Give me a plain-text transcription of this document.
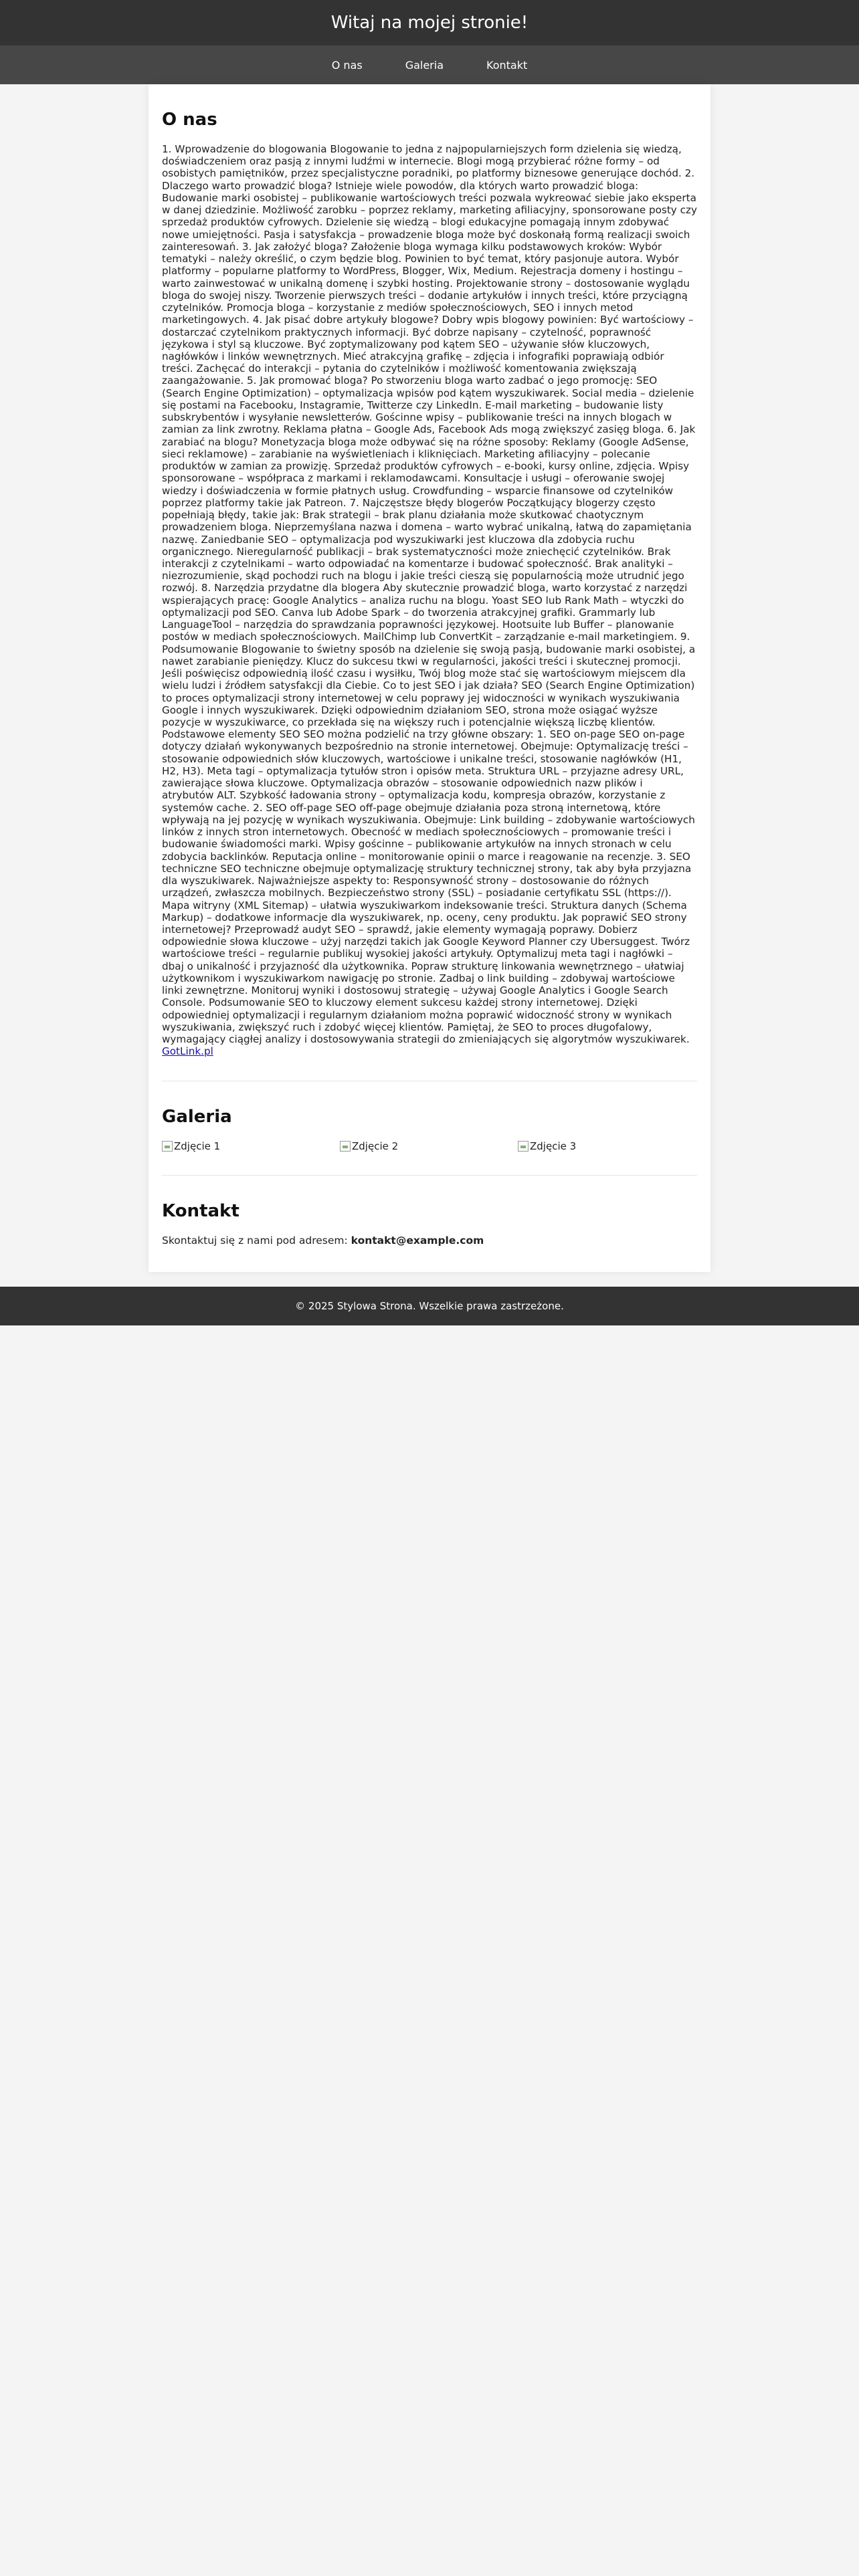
Witaj na mojej stronie!
O nas	Galeria	Kontakt
O nas

1. Wprowadzenie do blogowania Blogowanie to jedna z najpopularniejszych form dzielenia się wiedzą, doświadczeniem oraz pasją z innymi ludźmi w internecie. Blogi mogą przybierać różne formy – od osobistych pamiętników, przez specjalistyczne poradniki, po platformy biznesowe generujące dochód. 2. Dlaczego warto prowadzić bloga? Istnieje wiele powodów, dla których warto prowadzić bloga: Budowanie marki osobistej – publikowanie wartościowych treści pozwala wykreować siebie jako eksperta w danej dziedzinie. Możliwość zarobku – poprzez reklamy, marketing afiliacyjny, sponsorowane posty czy sprzedaż produktów cyfrowych. Dzielenie się wiedzą – blogi edukacyjne pomagają innym zdobywać nowe umiejętności. Pasja i satysfakcja – prowadzenie bloga może być doskonałą formą realizacji swoich zainteresowań. 3. Jak założyć bloga? Założenie bloga wymaga kilku podstawowych kroków: Wybór tematyki – należy określić, o czym będzie blog. Powinien to być temat, który pasjonuje autora. Wybór platformy – popularne platformy to WordPress, Blogger, Wix, Medium. Rejestracja domeny i hostingu – warto zainwestować w unikalną domenę i szybki hosting. Projektowanie strony – dostosowanie wyglądu bloga do swojej niszy. Tworzenie pierwszych treści – dodanie artykułów i innych treści, które przyciągną czytelników. Promocja bloga – korzystanie z mediów społecznościowych, SEO i innych metod marketingowych. 4. Jak pisać dobre artykuły blogowe? Dobry wpis blogowy powinien: Być wartościowy – dostarczać czytelnikom praktycznych informacji. Być dobrze napisany – czytelność, poprawność językowa i styl są kluczowe. Być zoptymalizowany pod kątem SEO – używanie słów kluczowych, nagłówków i linków wewnętrznych. Mieć atrakcyjną grafikę – zdjęcia i infografiki poprawiają odbiór treści. Zachęcać do interakcji – pytania do czytelników i możliwość komentowania zwiększają zaangażowanie. 5. Jak promować bloga? Po stworzeniu bloga warto zadbać o jego promocję: SEO (Search Engine Optimization) – optymalizacja wpisów pod kątem wyszukiwarek. Social media – dzielenie się postami na Facebooku, Instagramie, Twitterze czy LinkedIn. E-mail marketing – budowanie listy subskrybentów i wysyłanie newsletterów. Gościnne wpisy – publikowanie treści na innych blogach w zamian za link zwrotny. Reklama płatna – Google Ads, Facebook Ads mogą zwiększyć zasięg bloga. 6. Jak zarabiać na blogu? Monetyzacja bloga może odbywać się na różne sposoby: Reklamy (Google AdSense, sieci reklamowe) – zarabianie na wyświetleniach i kliknięciach. Marketing afiliacyjny – polecanie produktów w zamian za prowizję. Sprzedaż produktów cyfrowych – e-booki, kursy online, zdjęcia. Wpisy sponsorowane – współpraca z markami i reklamodawcami. Konsultacje i usługi – oferowanie swojej wiedzy i doświadczenia w formie płatnych usług. Crowdfunding – wsparcie finansowe od czytelników poprzez platformy takie jak Patreon. 7. Najczęstsze błędy blogerów Początkujący blogerzy często popełniają błędy, takie jak: Brak strategii – brak planu działania może skutkować chaotycznym prowadzeniem bloga. Nieprzemyślana nazwa i domena – warto wybrać unikalną, łatwą do zapamiętania nazwę. Zaniedbanie SEO – optymalizacja pod wyszukiwarki jest kluczowa dla zdobycia ruchu organicznego. Nieregularność publikacji – brak systematyczności może zniechęcić czytelników. Brak interakcji z czytelnikami – warto odpowiadać na komentarze i budować społeczność. Brak analityki – niezrozumienie, skąd pochodzi ruch na blogu i jakie treści cieszą się popularnością może utrudnić jego rozwój. 8. Narzędzia przydatne dla blogera Aby skutecznie prowadzić bloga, warto korzystać z narzędzi wspierających pracę: Google Analytics – analiza ruchu na blogu. Yoast SEO lub Rank Math – wtyczki do optymalizacji pod SEO. Canva lub Adobe Spark – do tworzenia atrakcyjnej grafiki. Grammarly lub LanguageTool – narzędzia do sprawdzania poprawności językowej. Hootsuite lub Buffer – planowanie postów w mediach społecznościowych. MailChimp lub ConvertKit – zarządzanie e-mail marketingiem. 9. Podsumowanie Blogowanie to świetny sposób na dzielenie się swoją pasją, budowanie marki osobistej, a nawet zarabianie pieniędzy. Klucz do sukcesu tkwi w regularności, jakości treści i skutecznej promocji. Jeśli poświęcisz odpowiednią ilość czasu i wysiłku, Twój blog może stać się wartościowym miejscem dla wielu ludzi i źródłem satysfakcji dla Ciebie. Co to jest SEO i jak działa? SEO (Search Engine Optimization) to proces optymalizacji strony internetowej w celu poprawy jej widoczności w wynikach wyszukiwania Google i innych wyszukiwarek. Dzięki odpowiednim działaniom SEO, strona może osiągać wyższe pozycje w wyszukiwarce, co przekłada się na większy ruch i potencjalnie większą liczbę klientów. Podstawowe elementy SEO SEO można podzielić na trzy główne obszary: 1. SEO on-page SEO on-page dotyczy działań wykonywanych bezpośrednio na stronie internetowej. Obejmuje: Optymalizację treści – stosowanie odpowiednich słów kluczowych, wartościowe i unikalne treści, stosowanie nagłówków (H1, H2, H3). Meta tagi – optymalizacja tytułów stron i opisów meta. Struktura URL – przyjazne adresy URL, zawierające słowa kluczowe. Optymalizacja obrazów – stosowanie odpowiednich nazw plików i atrybutów ALT. Szybkość ładowania strony – optymalizacja kodu, kompresja obrazów, korzystanie z systemów cache. 2. SEO off-page SEO off-page obejmuje działania poza stroną internetową, które wpływają na jej pozycję w wynikach wyszukiwania. Obejmuje: Link building – zdobywanie wartościowych linków z innych stron internetowych. Obecność w mediach społecznościowych – promowanie treści i budowanie świadomości marki. Wpisy gościnne – publikowanie artykułów na innych stronach w celu zdobycia backlinków. Reputacja online – monitorowanie opinii o marce i reagowanie na recenzje. 3. SEO techniczne SEO techniczne obejmuje optymalizację struktury technicznej strony, tak aby była przyjazna dla wyszukiwarek. Najważniejsze aspekty to: Responsywność strony – dostosowanie do różnych urządzeń, zwłaszcza mobilnych. Bezpieczeństwo strony (SSL) – posiadanie certyfikatu SSL (https://). Mapa witryny (XML Sitemap) – ułatwia wyszukiwarkom indeksowanie treści. Struktura danych (Schema Markup) – dodatkowe informacje dla wyszukiwarek, np. oceny, ceny produktu. Jak poprawić SEO strony internetowej? Przeprowadź audyt SEO – sprawdź, jakie elementy wymagają poprawy. Dobierz odpowiednie słowa kluczowe – użyj narzędzi takich jak Google Keyword Planner czy Ubersuggest. Twórz wartościowe treści – regularnie publikuj wysokiej jakości artykuły. Optymalizuj meta tagi i nagłówki – dbaj o unikalność i przyjazność dla użytkownika. Popraw strukturę linkowania wewnętrznego – ułatwiaj użytkownikom i wyszukiwarkom nawigację po stronie. Zadbaj o link building – zdobywaj wartościowe linki zewnętrzne. Monitoruj wyniki i dostosowuj strategię – używaj Google Analytics i Google Search Console. Podsumowanie SEO to kluczowy element sukcesu każdej strony internetowej. Dzięki odpowiedniej optymalizacji i regularnym działaniom można poprawić widoczność strony w wynikach wyszukiwania, zwiększyć ruch i zdobyć więcej klientów. Pamiętaj, że SEO to proces długofalowy, wymagający ciągłej analizy i dostosowywania strategii do zmieniających się algorytmów wyszukiwarek. GotLink.pl

Galeria
Zdjęcie 1	Zdjęcie 2	Zdjęcie 3
Kontakt

Skontaktuj się z nami pod adresem: kontakt@example.com

© 2025 Stylowa Strona. Wszelkie prawa zastrzeżone.
